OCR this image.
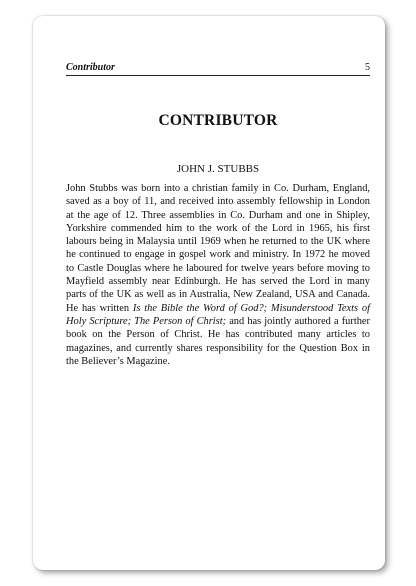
Contributor	5
CONTRIBUTOR
JOHN J. STUBBS

John Stubbs was born into a christian family in Co. Durham, England, saved as a boy of 11, and received into assembly fellowship in London at the age of 12. Three assemblies in Co. Durham and one in Shipley, Yorkshire commended him to the work of the Lord in 1965, his first labours being in Malaysia until 1969 when he returned to the UK where he continued to engage in gospel work and ministry. In 1972 he moved to Castle Douglas where he laboured for twelve years before moving to Mayfield assembly near Edinburgh. He has served the Lord in many parts of the UK as well as in Australia, New Zealand, USA and Canada. He has written Is the Bible the Word of God?; Misunderstood Texts of Holy Scripture; The Person of Christ; and has jointly authored a further book on the Person of Christ. He has contributed many articles to magazines, and currently shares responsibility for the Question Box in the Believer’s Magazine.
